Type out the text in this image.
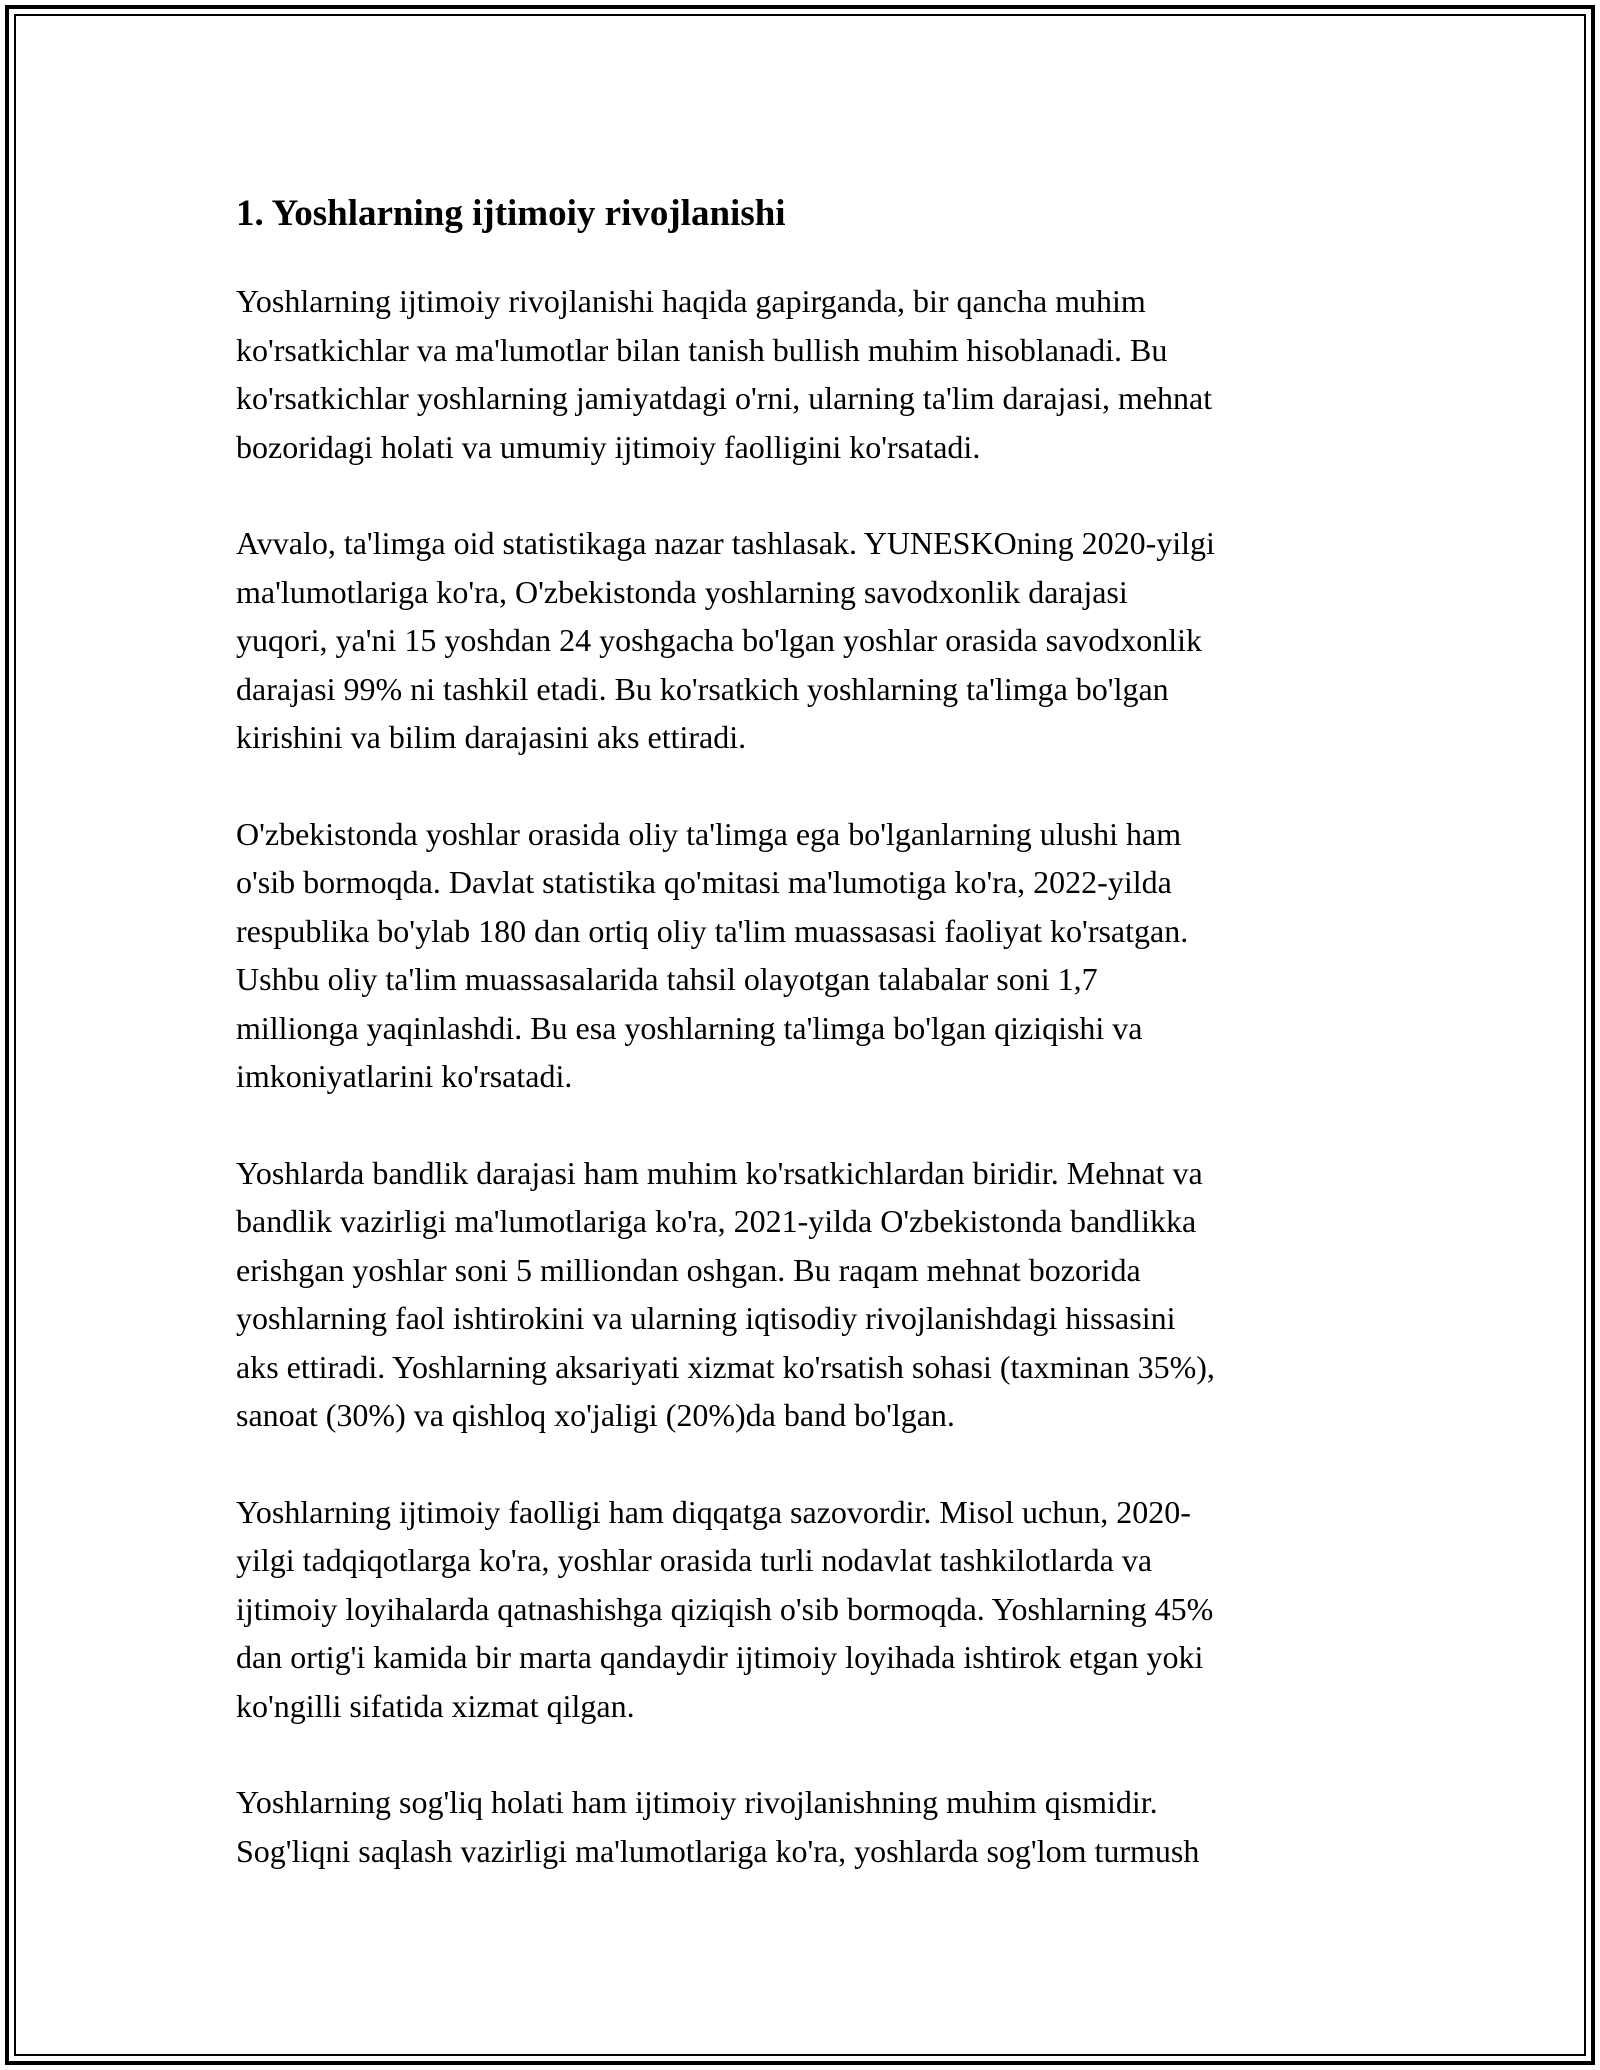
1. Yoshlarning ijtimoiy rivojlanishi

Yoshlarning ijtimoiy rivojlanishi haqida gapirganda, bir qancha muhim
ko'rsatkichlar va ma'lumotlar bilan tanish bullish muhim hisoblanadi. Bu
ko'rsatkichlar yoshlarning jamiyatdagi o'rni, ularning ta'lim darajasi, mehnat
bozoridagi holati va umumiy ijtimoiy faolligini ko'rsatadi.

Avvalo, ta'limga oid statistikaga nazar tashlasak. YUNESKOning 2020-yilgi
ma'lumotlariga ko'ra, O'zbekistonda yoshlarning savodxonlik darajasi
yuqori, ya'ni 15 yoshdan 24 yoshgacha bo'lgan yoshlar orasida savodxonlik
darajasi 99% ni tashkil etadi. Bu ko'rsatkich yoshlarning ta'limga bo'lgan
kirishini va bilim darajasini aks ettiradi.

O'zbekistonda yoshlar orasida oliy ta'limga ega bo'lganlarning ulushi ham
o'sib bormoqda. Davlat statistika qo'mitasi ma'lumotiga ko'ra, 2022-yilda
respublika bo'ylab 180 dan ortiq oliy ta'lim muassasasi faoliyat ko'rsatgan.
Ushbu oliy ta'lim muassasalarida tahsil olayotgan talabalar soni 1,7
millionga yaqinlashdi. Bu esa yoshlarning ta'limga bo'lgan qiziqishi va
imkoniyatlarini ko'rsatadi.

Yoshlarda bandlik darajasi ham muhim ko'rsatkichlardan biridir. Mehnat va
bandlik vazirligi ma'lumotlariga ko'ra, 2021-yilda O'zbekistonda bandlikka
erishgan yoshlar soni 5 milliondan oshgan. Bu raqam mehnat bozorida
yoshlarning faol ishtirokini va ularning iqtisodiy rivojlanishdagi hissasini
aks ettiradi. Yoshlarning aksariyati xizmat ko'rsatish sohasi (taxminan 35%),
sanoat (30%) va qishloq xo'jaligi (20%)da band bo'lgan.

Yoshlarning ijtimoiy faolligi ham diqqatga sazovordir. Misol uchun, 2020-
yilgi tadqiqotlarga ko'ra, yoshlar orasida turli nodavlat tashkilotlarda va
ijtimoiy loyihalarda qatnashishga qiziqish o'sib bormoqda. Yoshlarning 45%
dan ortig'i kamida bir marta qandaydir ijtimoiy loyihada ishtirok etgan yoki
ko'ngilli sifatida xizmat qilgan.

Yoshlarning sog'liq holati ham ijtimoiy rivojlanishning muhim qismidir.
Sog'liqni saqlash vazirligi ma'lumotlariga ko'ra, yoshlarda sog'lom turmush
